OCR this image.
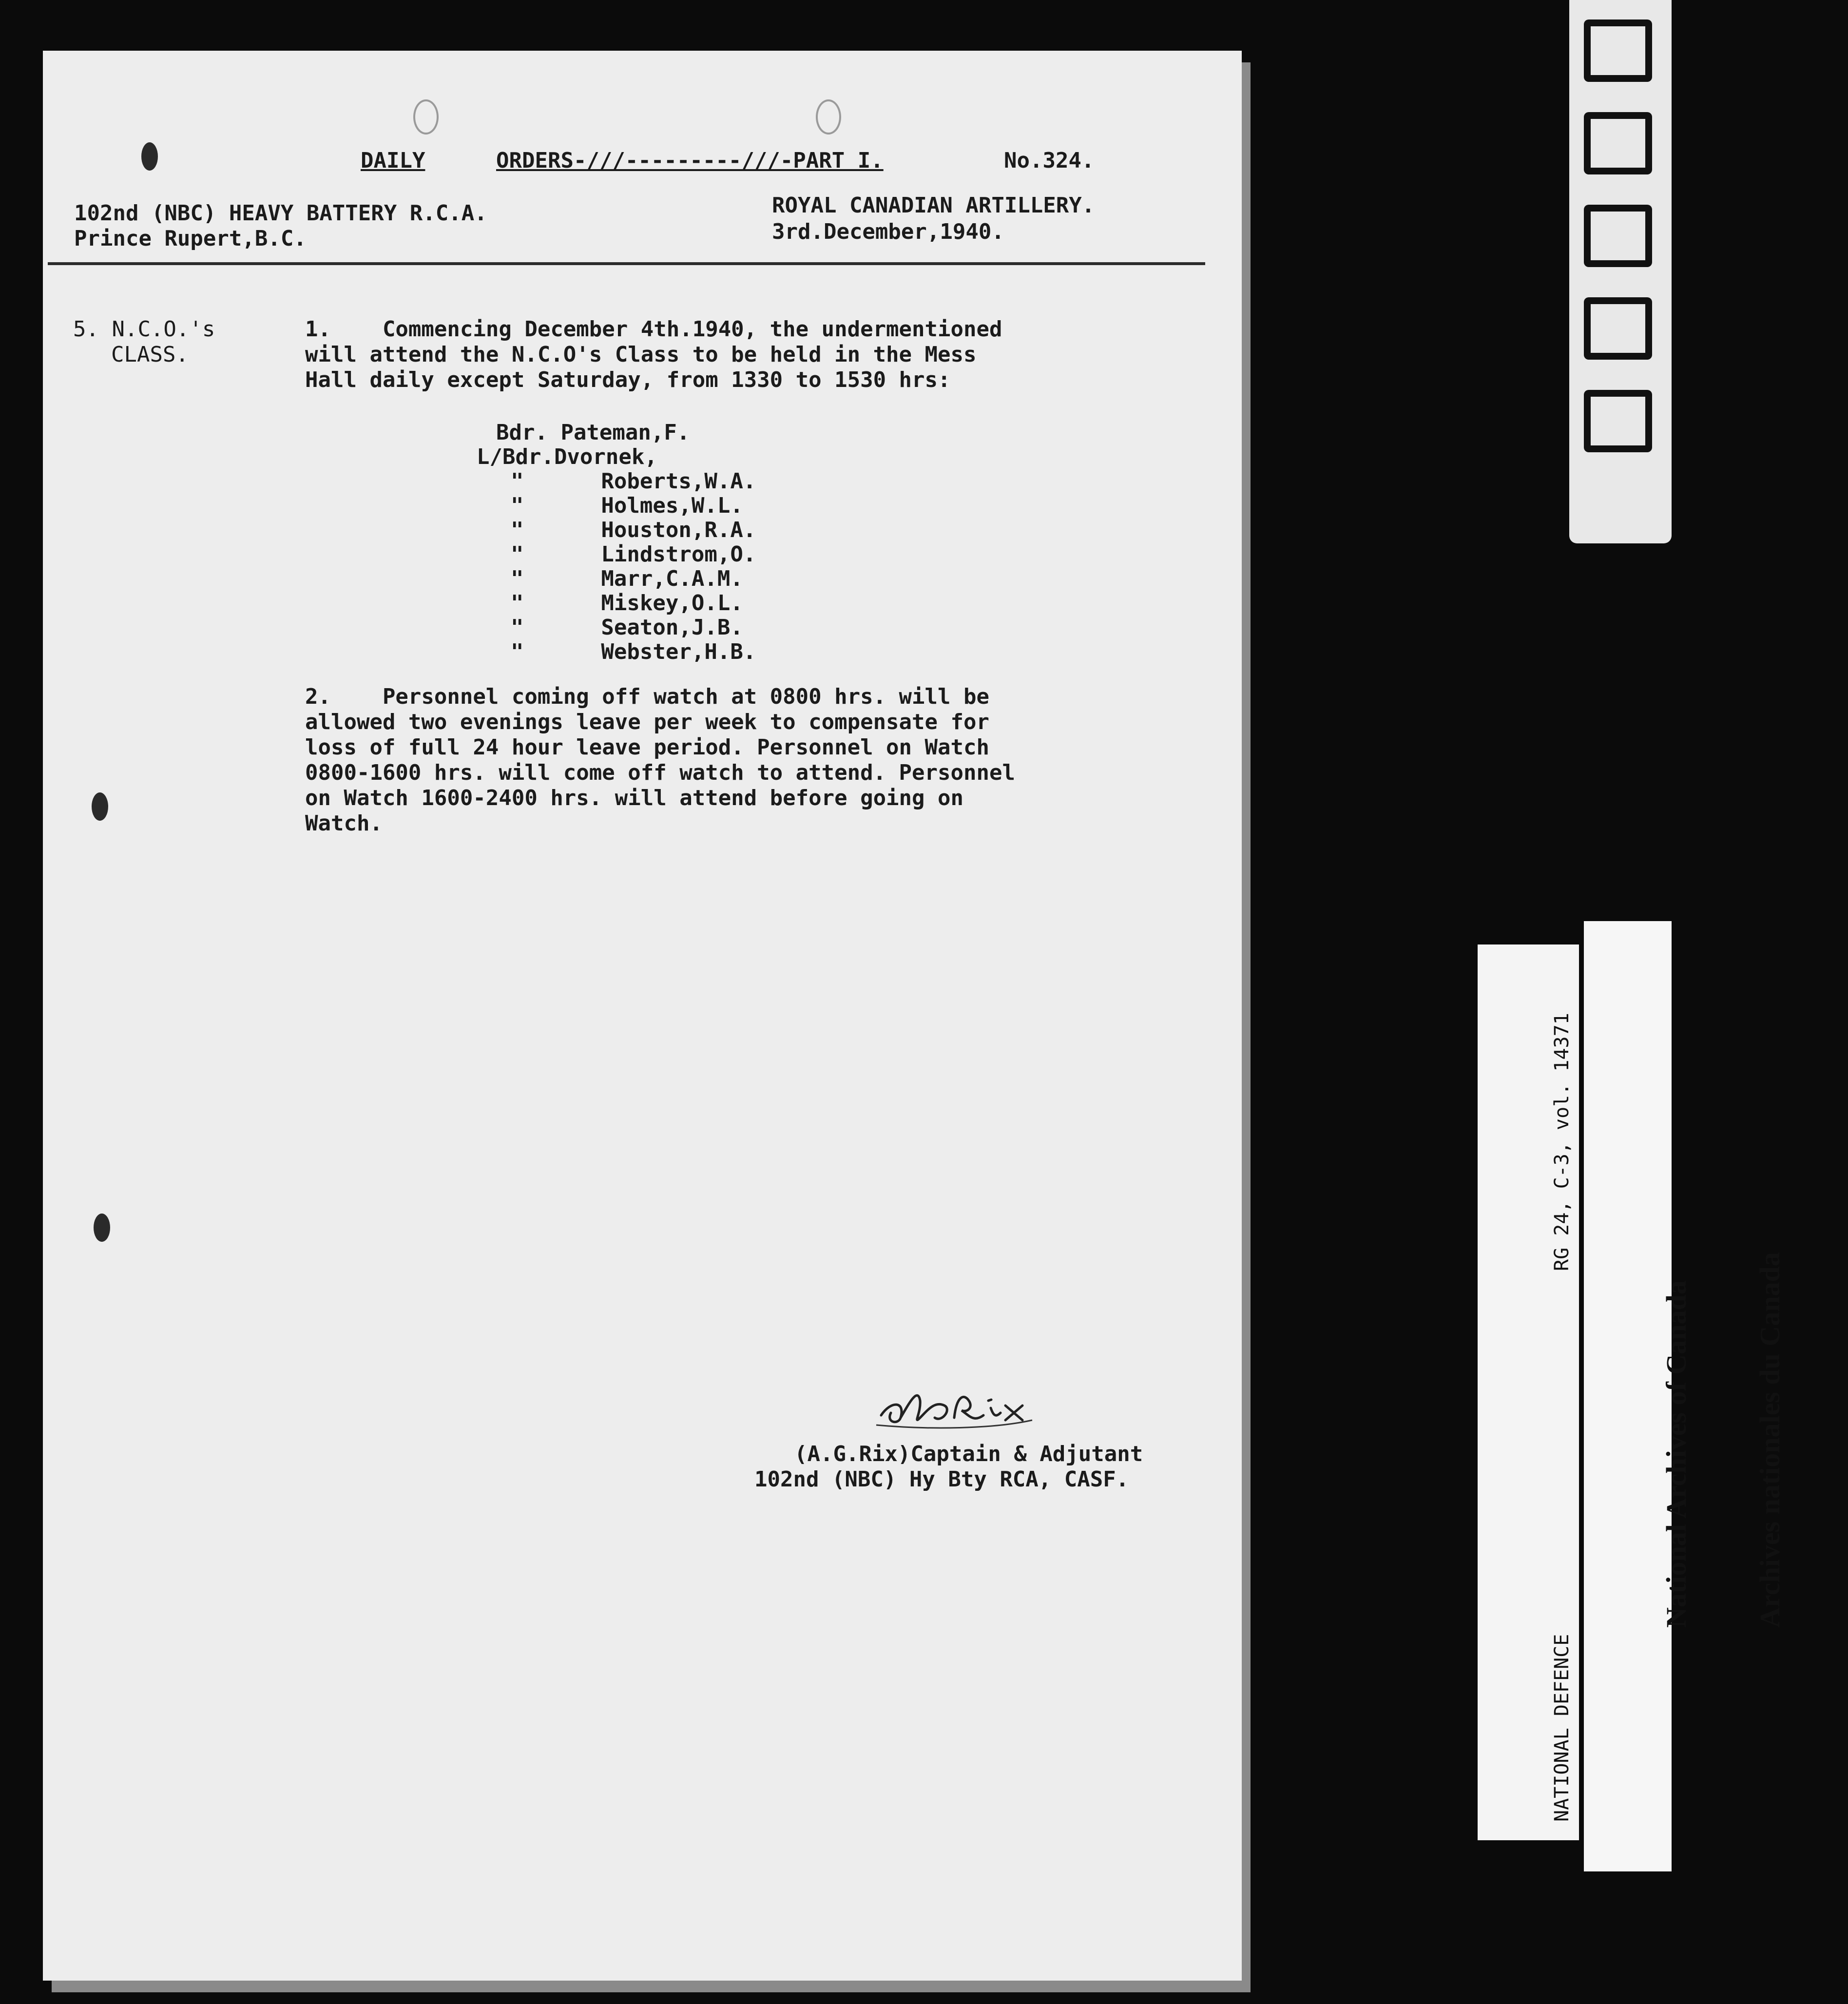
DAILY	ORDERS-///---------///-PART I.	No.324.
102nd (NBC) HEAVY BATTERY R.C.A.
Prince Rupert,B.C.
ROYAL CANADIAN ARTILLERY.
3rd.December,1940.
5. N.C.O.'s
CLASS.
1.    Commencing December 4th.1940, the undermentioned
will attend the N.C.O's Class to be held in the Mess
Hall daily except Saturday, from 1330 to 1530 hrs:
Bdr. Pateman,F.
L/Bdr.Dvornek,
"      Roberts,W.A.
"      Holmes,W.L.
"      Houston,R.A.
"      Lindstrom,O.
"      Marr,C.A.M.
"      Miskey,O.L.
"      Seaton,J.B.
"      Webster,H.B.
2.    Personnel coming off watch at 0800 hrs. will be
allowed two evenings leave per week to compensate for
loss of full 24 hour leave period. Personnel on Watch
0800-1600 hrs. will come off watch to attend. Personnel
on Watch 1600-2400 hrs. will attend before going on
Watch.
(A.G.Rix)Captain & Adjutant
102nd (NBC) Hy Bty RCA, CASF.

NATIONAL DEFENCE

RG 24, C-3, vol. 14371

National Archives of Canada

Archives nationales du Canada
